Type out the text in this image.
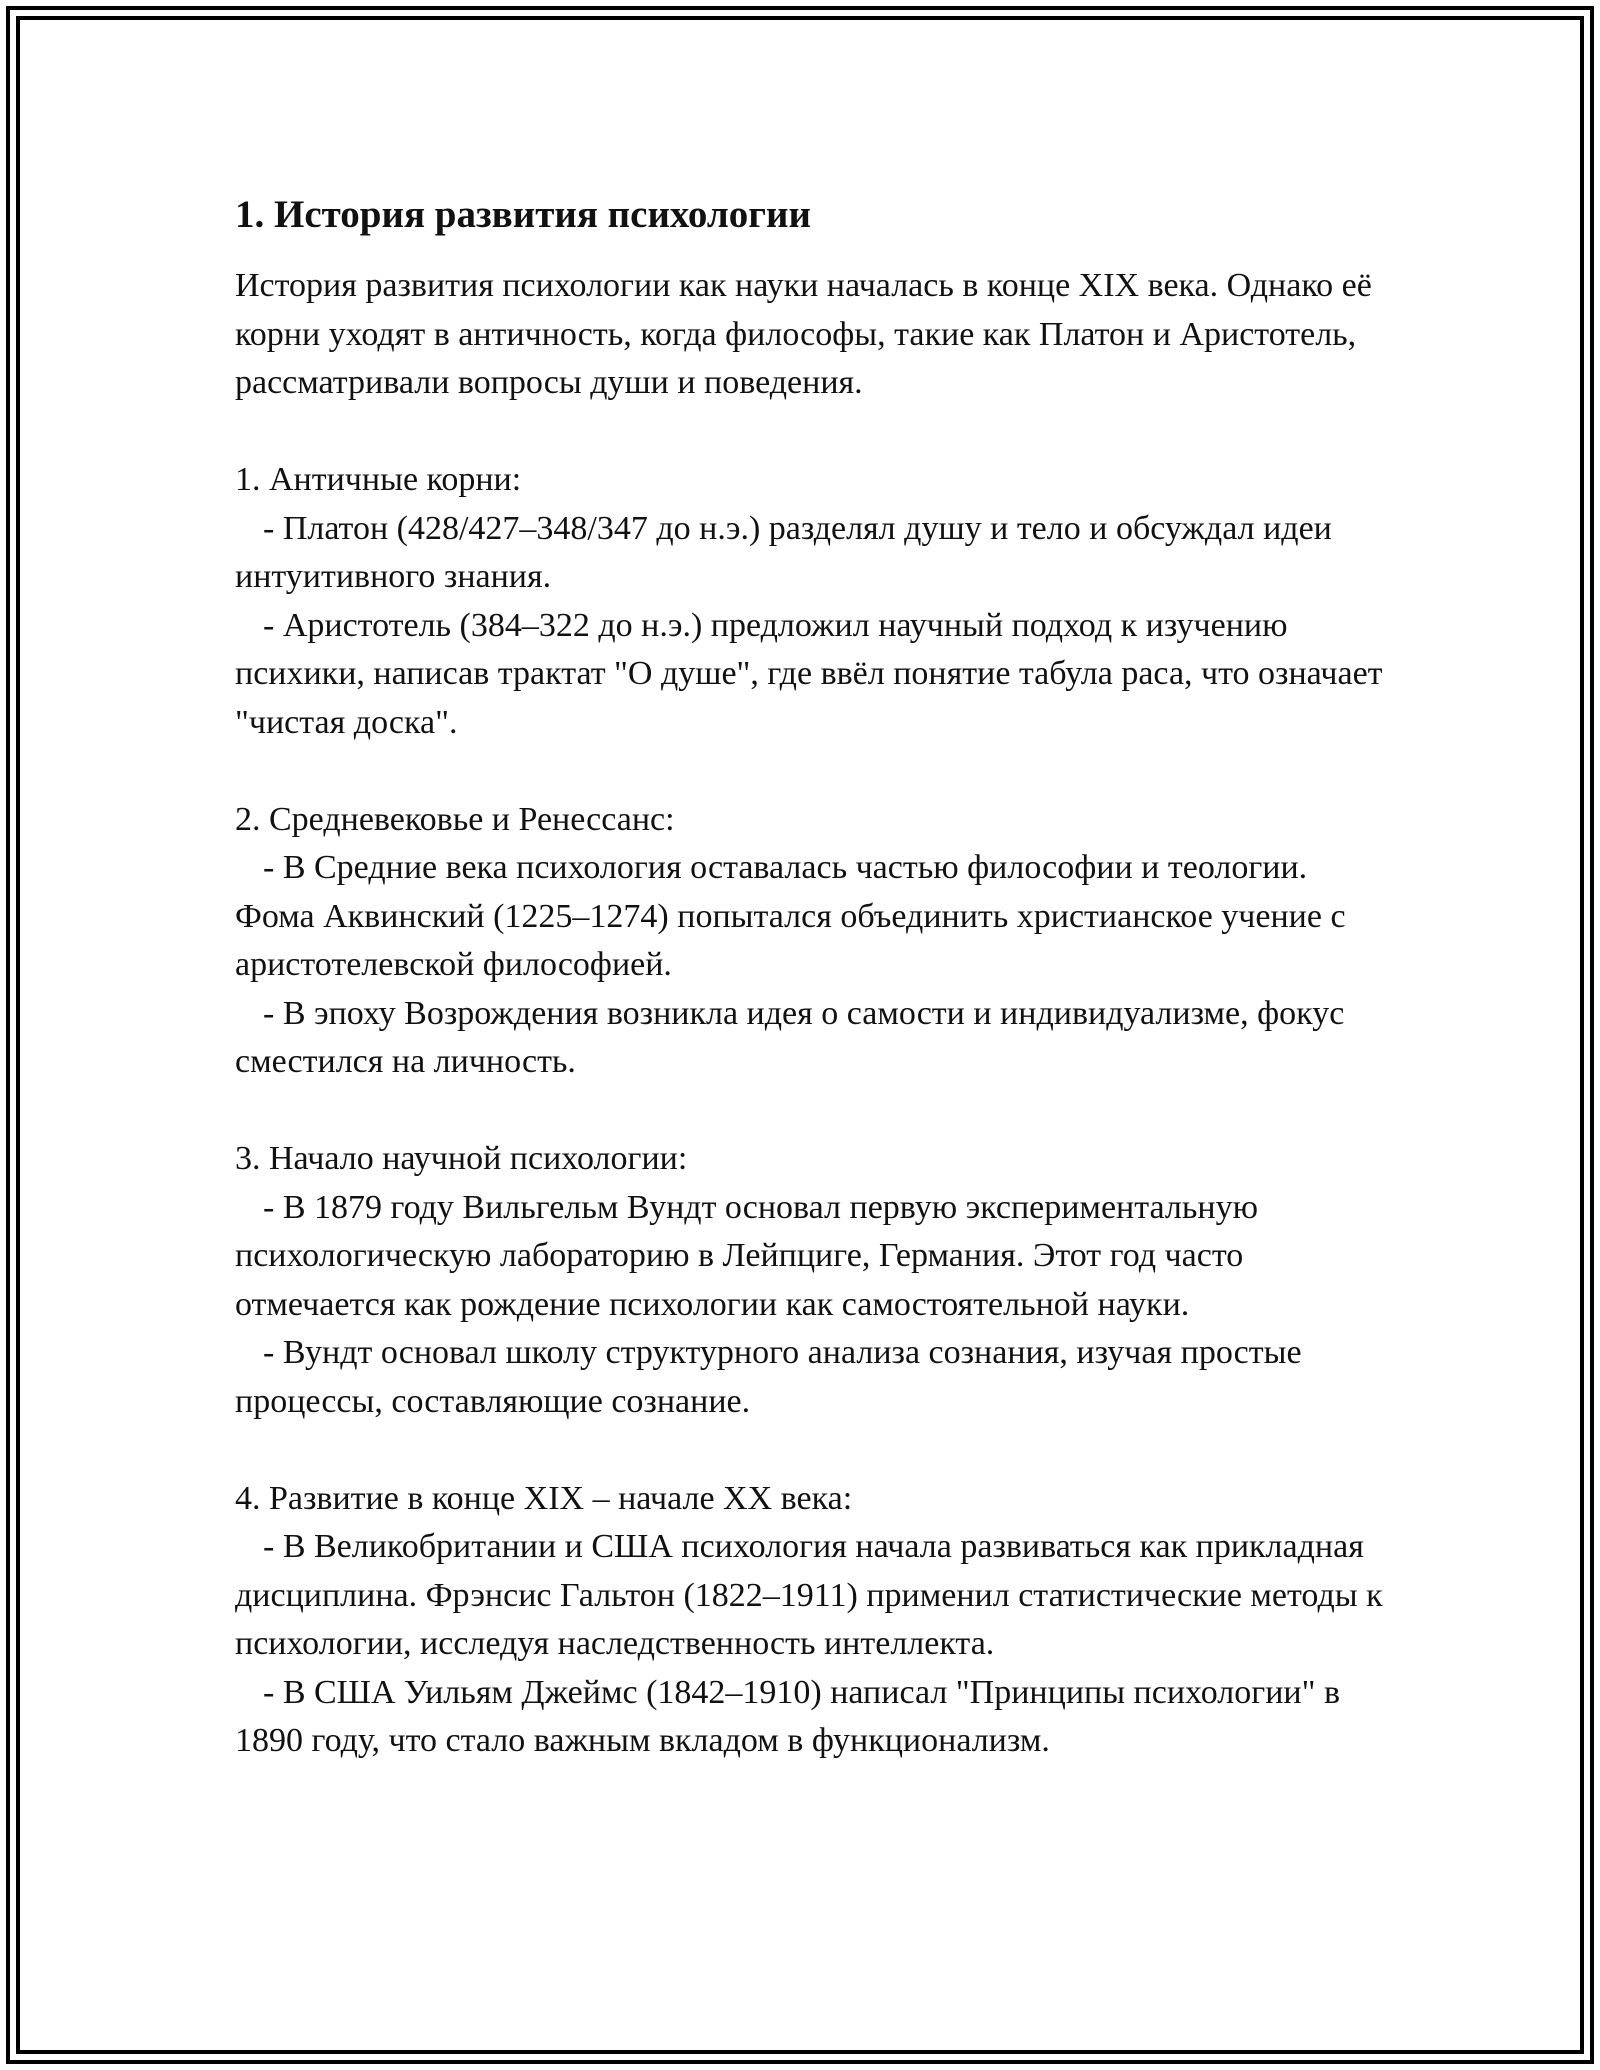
1. История развития психологии

История развития психологии как науки началась в конце XIX века. Однако её корни уходят в античность, когда философы, такие как Платон и Аристотель, рассматривали вопросы души и поведения.

1. Античные корни:

- Платон (428/427–348/347 до н.э.) разделял душу и тело и обсуждал идеи интуитивного знания.

- Аристотель (384–322 до н.э.) предложил научный подход к изучению психики, написав трактат "О душе", где ввёл понятие табула раса, что означает "чистая доска".

2. Средневековье и Ренессанс:

- В Средние века психология оставалась частью философии и теологии. Фома Аквинский (1225–1274) попытался объединить христианское учение с аристотелевской философией.

- В эпоху Возрождения возникла идея о самости и индивидуализме, фокус сместился на личность.

3. Начало научной психологии:

- В 1879 году Вильгельм Вундт основал первую экспериментальную психологическую лабораторию в Лейпциге, Германия. Этот год часто отмечается как рождение психологии как самостоятельной науки.

- Вундт основал школу структурного анализа сознания, изучая простые процессы, составляющие сознание.

4. Развитие в конце XIX – начале XX века:

- В Великобритании и США психология начала развиваться как прикладная дисциплина. Фрэнсис Гальтон (1822–1911) применил статистические методы к психологии, исследуя наследственность интеллекта.

- В США Уильям Джеймс (1842–1910) написал "Принципы психологии" в 1890 году, что стало важным вкладом в функционализм.
